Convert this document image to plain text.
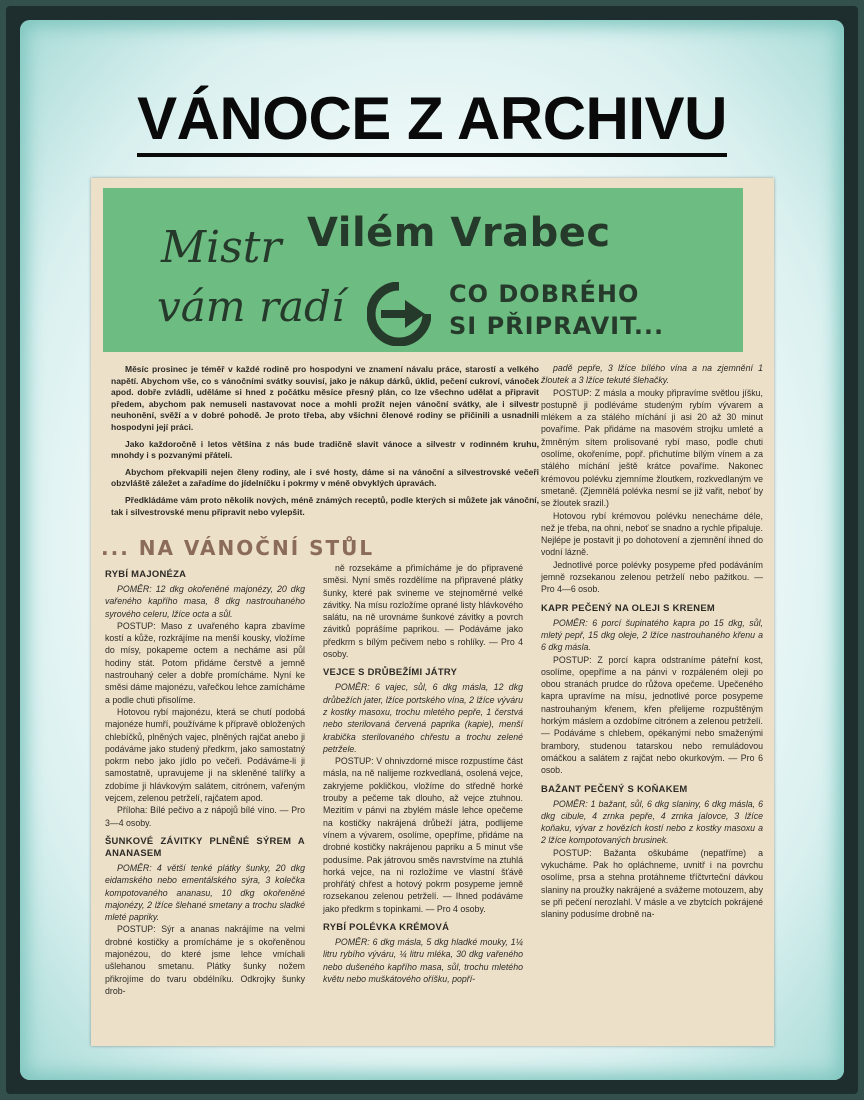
VÁNOCE Z ARCHIVU
Mistr Vilém Vrabec
vám radí	CO DOBRÉHO
SI PŘIPRAVIT...

Měsíc prosinec je téměř v každé rodině pro hospodyni ve znamení návalu práce, starostí a velkého napětí. Abychom vše, co s vánočními svátky souvisí, jako je nákup dárků, úklid, pečení cukroví, vánoček apod. dobře zvládli, uděláme si hned z počátku měsíce přesný plán, co lze všechno udělat a připravit předem, abychom pak nemuseli nastavovat noce a mohli prožít nejen vánoční svátky, ale i silvestr neuhonění, svěží a v dobré pohodě. Je proto třeba, aby všichni členové rodiny se přičinili a usnadnili hospodyni její práci.

Jako každoročně i letos většina z nás bude tradičně slavit vánoce a silvestr v rodinném kruhu, mnohdy i s pozvanými přáteli.

Abychom překvapili nejen členy rodiny, ale i své hosty, dáme si na vánoční a silvestrovské večeři obzvláště záležet a zařadíme do jídelníčku i pokrmy v méně obvyklých úpravách.

Předkládáme vám proto několik nových, méně známých receptů, podle kterých si můžete jak vánoční, tak i silvestrovské menu připravit nebo vylepšit.

... NA VÁNOČNÍ STŮL
RYBÍ MAJONÉZA

POMĚR: 12 dkg okořeněné majonézy, 20 dkg vařeného kapřího masa, 8 dkg nastrouhaného syrového celeru, lžíce octa a sůl.

POSTUP: Maso z uvařeného kapra zbavíme kostí a kůže, rozkrájíme na menší kousky, vložíme do mísy, pokapeme octem a necháme asi půl hodiny stát. Potom přidáme čerstvě a jemně nastrouhaný celer a dobře promícháme. Nyní ke směsi dáme majonézu, vařečkou lehce zamícháme a podle chuti přisolíme.

Hotovou rybí majonézu, která se chutí podobá majonéze humří, používáme k přípravě obložených chlebíčků, plněných vajec, plněných rajčat anebo ji podáváme jako studený předkrm, jako samostatný pokrm nebo jako jídlo po večeři. Podáváme-li ji samostatně, upravujeme ji na skleněné talířky a zdobíme ji hlávkovým salátem, citrónem, vařeným vejcem, zelenou petrželí, rajčatem apod.

Příloha: Bílé pečivo a z nápojů bílé víno. — Pro 3—4 osoby.

ŠUNKOVÉ ZÁVITKY PLNĚNÉ SÝREM A ANANASEM

POMĚR: 4 větší tenké plátky šunky, 20 dkg eidamského nebo ementálského sýra, 3 kolečka kompotovaného ananasu, 10 dkg okořeněné majonézy, 2 lžíce šlehané smetany a trochu sladké mleté papriky.

POSTUP: Sýr a ananas nakrájíme na velmi drobné kostičky a promícháme je s okořeněnou majonézou, do které jsme lehce vmíchali ušlehanou smetanu. Plátky šunky nožem přikrojíme do tvaru obdélníku. Odkrojky šunky drob-

ně rozsekáme a přimícháme je do připravené směsi. Nyní směs rozdělíme na připravené plátky šunky, které pak svineme ve stejnoměrné velké závitky. Na mísu rozložíme oprané listy hlávkového salátu, na ně urovnáme šunkové závitky a povrch závitků poprášíme paprikou. — Podáváme jako předkrm s bílým pečivem nebo s rohlíky. — Pro 4 osoby.

VEJCE S DRŮBEŽÍMI JÁTRY

POMĚR: 6 vajec, sůl, 6 dkg másla, 12 dkg drůbežích jater, lžíce portského vína, 2 lžíce výváru z kostky masoxu, trochu mletého pepře, 1 čerstvá nebo sterilovaná červená paprika (kapie), menší krabička sterilovaného chřestu a trochu zelené petrželе.

POSTUP: V ohnivzdorné misce rozpustíme část másla, na ně nalijeme rozkvedlaná, osolená vejce, zakryjeme pokličkou, vložíme do středně horké trouby a pečeme tak dlouho, až vejce ztuhnou. Mezitím v pánvi na zbylém másle lehce opečeme na kostičky nakrájená drůbeží játra, podlijeme vínem a vývarem, osolíme, opepříme, přidáme na drobné kostičky nakrájenou papriku a 5 minut vše podusíme. Pak játrovou směs navrstvíme na ztuhlá horká vejce, na ni rozložíme ve vlastní šťávě prohřátý chřest a hotový pokrm posypeme jemně rozsekanou zelenou petrželí. — Ihned podáváme jako předkrm s topinkami. — Pro 4 osoby.

RYBÍ POLÉVKA KRÉMOVÁ

POMĚR: 6 dkg másla, 5 dkg hladké mouky, 1¼ litru rybího výváru, ¼ litru mléka, 30 dkg vařeného nebo dušeného kapřího masa, sůl, trochu mletého květu nebo muškátového oříšku, popří-

padě pepře, 3 lžíce bílého vína a na zjemnění 1 žloutek a 3 lžíce tekuté šlehačky.

POSTUP: Z másla a mouky připravíme světlou jíšku, postupně ji podléváme studeným rybím vývarem a mlékem a za stálého míchání ji asi 20 až 30 minut povaříme. Pak přidáme na masovém strojku umleté a žmněným sítem prolisované rybí maso, podle chuti osolíme, okořeníme, popř. přichutíme bílým vínem a za stálého míchání ještě krátce povaříme. Nakonec krémovou polévku zjemníme žloutkem, rozkvedlaným ve smetaně. (Zjemnělá polévka nesmí se již vařit, neboť by se žloutek srazil.)

Hotovou rybí krémovou polévku nenecháme déle, než je třeba, na ohni, neboť se snadno a rychle připaluje. Nejlépe je postavit ji po dohotovení a zjemnění ihned do vodní lázně.

Jednotlivé porce polévky posypeme před podáváním jemně rozsekanou zelenou petrželí nebo pažitkou. — Pro 4—6 osob.

KAPR PEČENÝ NA OLEJI S KRENEM

POMĚR: 6 porcí šupinatého kapra po 15 dkg, sůl, mletý pepř, 15 dkg oleje, 2 lžíce nastrouhaného křenu a 6 dkg másla.

POSTUP: Z porcí kapra odstraníme páteřní kost, osolíme, opepříme a na pánvi v rozpáleném oleji po obou stranách prudce do růžova opečeme. Upečeného kapra upravíme na mísu, jednotlivé porce posypeme nastrouhaným křenem, křen přelijeme rozpuštěným horkým máslem a ozdobíme citrónem a zelenou petrželí. — Podáváme s chlebem, opékanými nebo smaženými brambory, studenou tatarskou nebo remuládovou omáčkou a salátem z rajčat nebo okurkovým. — Pro 6 osob.

BAŽANT PEČENÝ S KOŇAKEM

POMĚR: 1 bažant, sůl, 6 dkg slaniny, 6 dkg másla, 6 dkg cibule, 4 zrnka pepře, 4 zrnka jalovce, 3 lžíce koňaku, vývar z hovězích kostí nebo z kostky masoxu a 2 lžíce kompotovaných brusinek.

POSTUP: Bažanta oškubáme (nepatříme) a vykucháme. Pak ho opláchneme, uvnitř i na povrchu osolíme, prsa a stehna protáhneme tříčtvrteční dávkou slaniny na proužky nakrájené a svážeme motouzem, aby se při pečení nerozlahl. V másle a ve zbytcích pokrájené slaniny podusíme drobně na-
